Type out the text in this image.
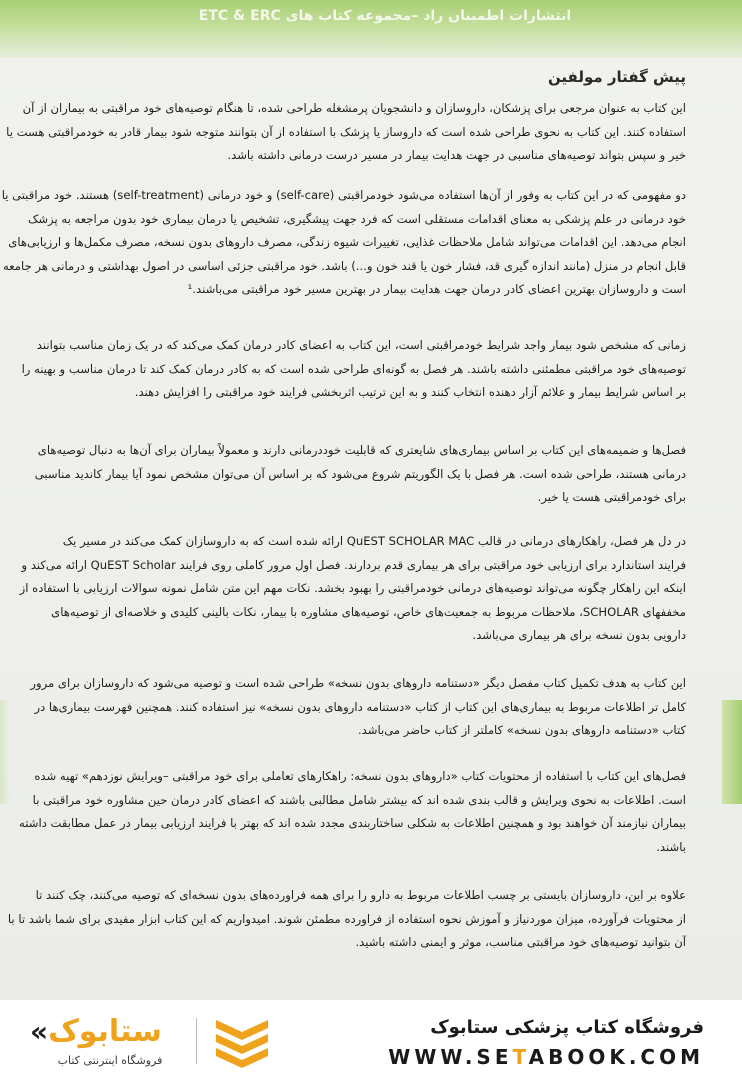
انتشارات اطمینان راد –مجموعه کتاب های ETC & ERC
پیش گفتار مولفین
این کتاب به عنوان مرجعی برای پزشکان، داروسازان و دانشجویان پرمشغله طراحی شده، تا هنگام توصیه‌های خود مراقبتی به بیماران از آن
استفاده کنند. این کتاب به نحوی طراحی شده است که داروساز یا پزشک با استفاده از آن بتوانند متوجه شود بیمار قادر به خودمراقبتی هست یا
خیر و سپس بتواند توصیه‌های مناسبی در جهت هدایت بیمار در مسیر درست درمانی داشته باشد.
دو مفهومی که در این کتاب به وفور از آن‌ها استفاده می‌شود خودمراقبتی (self-care) و خود درمانی (self-treatment) هستند. خود مراقبتی یا
خود درمانی در علم پزشکی به معنای اقدامات مستقلی است که فرد جهت پیشگیری، تشخیص یا درمان بیماری خود بدون مراجعه به پزشک
انجام می‌دهد. این اقدامات می‌تواند شامل ملاحظات غذایی، تغییرات شیوه زندگی، مصرف داروهای بدون نسخه، مصرف مکمل‌ها و ارزیابی‌های
قابل انجام در منزل (مانند اندازه گیری قد، فشار خون یا قند خون و...) باشد. خود مراقبتی جزئی اساسی در اصول بهداشتی و درمانی هر جامعه
است و داروسازان بهترین اعضای کادر درمان جهت هدایت بیمار در بهترین مسیر خود مراقبتی می‌باشند.¹
زمانی که مشخص شود بیمار واجد شرایط خودمراقبتی است، این کتاب به اعضای کادر درمان کمک می‌کند که در یک زمان مناسب بتوانند
توصیه‌های خود مراقبتی مطمئنی داشته باشند. هر فصل به گونه‌ای طراحی شده است که به کادر درمان کمک کند تا درمان مناسب و بهینه را
بر اساس شرایط بیمار و علائم آزار دهنده انتخاب کنند و به این ترتیب اثربخشی فرایند خود مراقبتی را افزایش دهند.
فصل‌ها و ضمیمه‌های این کتاب بر اساس بیماری‌های شایعتری که قابلیت خوددرمانی دارند و معمولاً بیماران برای آن‌ها به دنبال توصیه‌های
درمانی هستند، طراحی شده است. هر فصل با یک الگوریتم شروع می‌شود که بر اساس آن می‌توان مشخص نمود آیا بیمار کاندید مناسبی
برای خودمراقبتی هست یا خیر.
در دل هر فصل، راهکارهای درمانی در قالب QuEST SCHOLAR MAC ارائه شده است که به داروسازان کمک می‌کند در مسیر یک
فرایند استاندارد برای ارزیابی خود مراقبتی برای هر بیماری قدم بردارند. فصل اول مرور کاملی روی فرایند QuEST Scholar ارائه می‌کند و
اینکه این راهکار چگونه می‌تواند توصیه‌های درمانی خودمراقبتی را بهبود بخشد. نکات مهم این متن شامل نمونه سوالات ارزیابی با استفاده از
مخففهای SCHOLAR، ملاحظات مربوط به جمعیت‌های خاص، توصیه‌های مشاوره با بیمار، نکات بالینی کلیدی و خلاصه‌ای از توصیه‌های
دارویی بدون نسخه برای هر بیماری می‌باشد.
این کتاب به هدف تکمیل کتاب مفصل دیگر «دستنامه داروهای بدون نسخه» طراحی شده است و توصیه می‌شود که داروسازان برای مرور
کامل تر اطلاعات مربوط به بیماری‌های این کتاب از کتاب «دستنامه داروهای بدون نسخه» نیز استفاده کنند. همچنین فهرست بیماری‌ها در
کتاب «دستنامه داروهای بدون نسخه» کاملتر از کتاب حاضر می‌باشد.
فصل‌های این کتاب با استفاده از محتویات کتاب «داروهای بدون نسخه: راهکارهای تعاملی برای خود مراقبتی –ویرایش نوزدهم» تهیه شده
است. اطلاعات به نحوی ویرایش و قالب بندی شده اند که بیشتر شامل مطالبی باشند که اعضای کادر درمان حین مشاوره خود مراقبتی با
بیماران نیازمند آن خواهند بود و همچنین اطلاعات به شکلی ساختاربندی مجدد شده اند که بهتر با فرایند ارزیابی بیمار در عمل مطابقت داشته
باشند.
علاوه بر این، داروسازان بایستی بر چسب اطلاعات مربوط به دارو را برای همه فراورده‌های بدون نسخه‌ای که توصیه می‌کنند، چک کنند تا
از محتویات فرآورده، میزان موردنیاز و آموزش نحوه استفاده از فراورده مطمئن شوند. امیدواریم که این کتاب ابزار مفیدی برای شما باشد تا با
آن بتوانید توصیه‌های خود مراقبتی مناسب، موثر و ایمنی داشته باشید.
ستابوک
«
فروشگاه اینترنتی کتاب
فروشگاه کتاب پزشکی ستابوک
WWW.SETABOOK.COM
